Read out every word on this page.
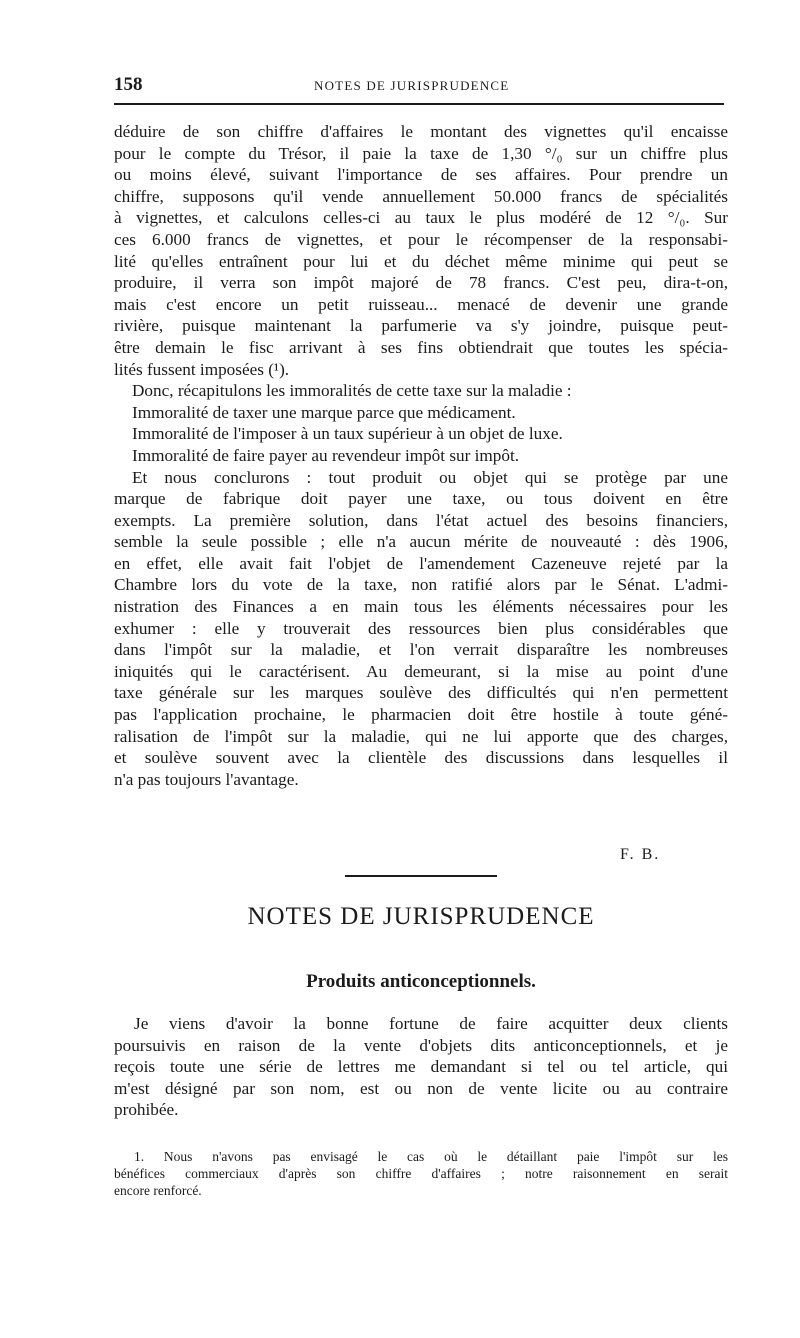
158	NOTES DE JURISPRUDENCE

déduire de son chiffre d'affaires le montant des vignettes qu'il encaisse
pour le compte du Trésor, il paie la taxe de 1,30 °/₀ sur un chiffre plus
ou moins élevé, suivant l'importance de ses affaires. Pour prendre un
chiffre, supposons qu'il vende annuellement 50.000 francs de spécialités
à vignettes, et calculons celles-ci au taux le plus modéré de 12 °/₀. Sur
ces 6.000 francs de vignettes, et pour le récompenser de la responsabi-
lité qu'elles entraînent pour lui et du déchet même minime qui peut se
produire, il verra son impôt majoré de 78 francs. C'est peu, dira-t-on,
mais c'est encore un petit ruisseau... menacé de devenir une grande
rivière, puisque maintenant la parfumerie va s'y joindre, puisque peut-
être demain le fisc arrivant à ses fins obtiendrait que toutes les spécia-
lités fussent imposées (¹).

Donc, récapitulons les immoralités de cette taxe sur la maladie :

Immoralité de taxer une marque parce que médicament.

Immoralité de l'imposer à un taux supérieur à un objet de luxe.

Immoralité de faire payer au revendeur impôt sur impôt.

Et nous conclurons : tout produit ou objet qui se protège par une
marque de fabrique doit payer une taxe, ou tous doivent en être
exempts. La première solution, dans l'état actuel des besoins financiers,
semble la seule possible ; elle n'a aucun mérite de nouveauté : dès 1906,
en effet, elle avait fait l'objet de l'amendement Cazeneuve rejeté par la
Chambre lors du vote de la taxe, non ratifié alors par le Sénat. L'admi-
nistration des Finances a en main tous les éléments nécessaires pour les
exhumer : elle y trouverait des ressources bien plus considérables que
dans l'impôt sur la maladie, et l'on verrait disparaître les nombreuses
iniquités qui le caractérisent. Au demeurant, si la mise au point d'une
taxe générale sur les marques soulève des difficultés qui n'en permettent
pas l'application prochaine, le pharmacien doit être hostile à toute géné-
ralisation de l'impôt sur la maladie, qui ne lui apporte que des charges,
et soulève souvent avec la clientèle des discussions dans lesquelles il
n'a pas toujours l'avantage.

F. B.
NOTES DE JURISPRUDENCE
Produits anticonceptionnels.
Je viens d'avoir la bonne fortune de faire acquitter deux clients
poursuivis en raison de la vente d'objets dits anticonceptionnels, et je
reçois toute une série de lettres me demandant si tel ou tel article, qui
m'est désigné par son nom, est ou non de vente licite ou au contraire
prohibée.
1. Nous n'avons pas envisagé le cas où le détaillant paie l'impôt sur les
bénéfices commerciaux d'après son chiffre d'affaires ; notre raisonnement en serait
encore renforcé.
